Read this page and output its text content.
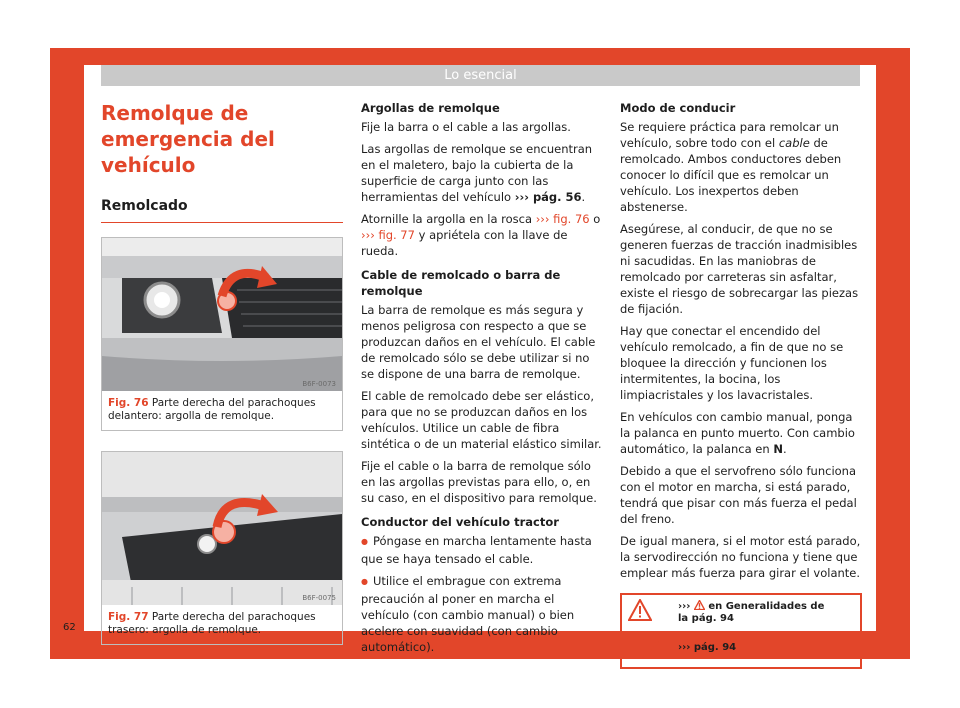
Lo esencial
Remolque de emergencia del vehículo
Remolcado
B6F-0073
Fig. 76 Parte derecha del parachoques delantero: argolla de remolque.
B6F-0075
Fig. 77 Parte derecha del parachoques trasero: argolla de remolque.
Argollas de remolque

Fije la barra o el cable a las argollas.

Las argollas de remolque se encuentran en el maletero, bajo la cubierta de la superficie de carga junto con las herramientas del vehículo ››› pág. 56.

Atornille la argolla en la rosca ››› fig. 76 o
››› fig. 77 y apriételа con la llave de rueda.

Cable de remolcado o barra de remolque

La barra de remolque es más segura y menos peligrosa con respecto a que se produzcan daños en el vehículo. El cable de remolcado sólo se debe utilizar si no se dispone de una barra de remolque.

El cable de remolcado debe ser elástico, para que no se produzcan daños en los vehículos. Utilice un cable de fibra sintética o de un material elástico similar.

Fije el cable o la barra de remolque sólo en las argollas previstas para ello, o, en su caso, en el dispositivo para remolque.

Conductor del vehículo tractor

● Póngase en marcha lentamente hasta que se haya tensado el cable.

● Utilice el embrague con extrema precaución al poner en marcha el vehículo (con cambio manual) o bien acelere con suavidad (con cambio automático).

Modo de conducir

Se requiere práctica para remolcar un vehículo, sobre todo con el cable de remolcado. Ambos conductores deben conocer lo difícil que es remolcar un vehículo. Los inexpertos deben abstenerse.

Asegúrese, al conducir, de que no se generen fuerzas de tracción inadmisibles ni sacudidas. En las maniobras de remolcado por carreteras sin asfaltar, existe el riesgo de sobrecargar las piezas de fijación.

Hay que conectar el encendido del vehículo remolcado, a fin de que no se bloquee la dirección y funcionen los intermitentes, la bocina, los limpiacristales y los lavacristales.

En vehículos con cambio manual, ponga la palanca en punto muerto. Con cambio automático, la palanca en N.

Debido a que el servofreno sólo funciona con el motor en marcha, si está parado, tendrá que pisar con más fuerza el pedal del freno.

De igual manera, si el motor está parado, la servodirección no funciona y tiene que emplear más fuerza para girar el volante.

››› en Generalidades de la pág. 94
››› pág. 94
62
